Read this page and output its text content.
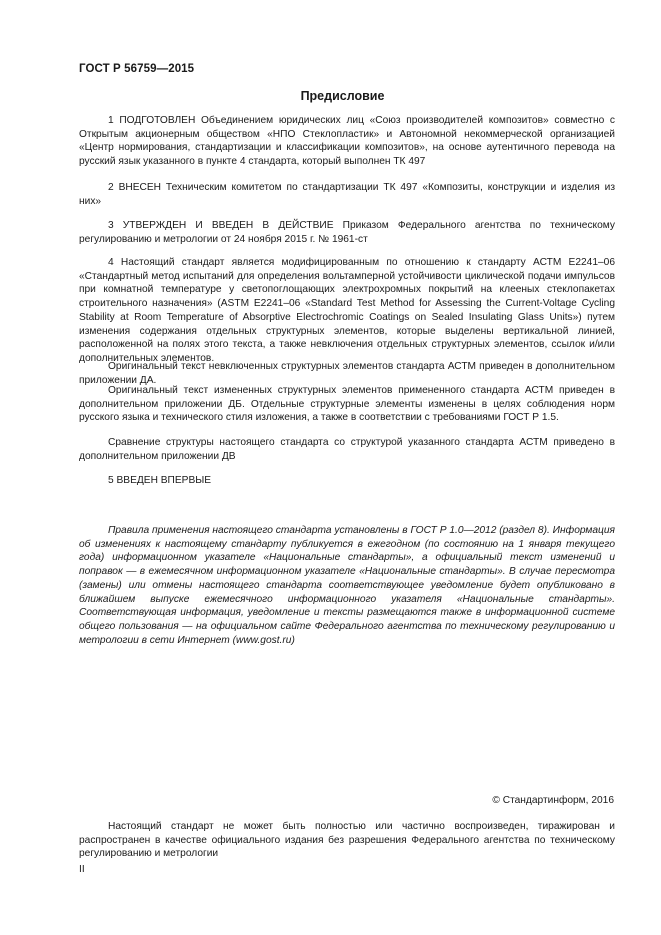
ГОСТ Р 56759—2015
Предисловие

1 ПОДГОТОВЛЕН Объединением юридических лиц «Союз производителей композитов» совместно с Открытым акционерным обществом «НПО Стеклопластик» и Автономной некоммерческой организацией «Центр нормирования, стандартизации и классификации композитов», на основе аутентичного перевода на русский язык указанного в пункте 4 стандарта, который выполнен ТК 497

2 ВНЕСЕН Техническим комитетом по стандартизации ТК 497 «Композиты, конструкции и изделия из них»

3 УТВЕРЖДЕН И ВВЕДЕН В ДЕЙСТВИЕ Приказом Федерального агентства по техническому регулированию и метрологии от 24 ноября 2015 г. № 1961-ст

4 Настоящий стандарт является модифицированным по отношению к стандарту АСТМ Е2241–06 «Стандартный метод испытаний для определения вольтамперной устойчивости циклической подачи импульсов при комнатной температуре у светопоглощающих электрохромных покрытий на клееных стеклопакетах строительного назначения» (ASTM E2241–06 «Standard Test Method for Assessing the Current-Voltage Cycling Stability at Room Temperature of Absorptive Electrochromic Coatings on Sealed Insulating Glass Units») путем изменения содержания отдельных структурных элементов, которые выделены вертикальной линией, расположенной на полях этого текста, а также невключения отдельных структурных элементов, ссылок и/или дополнительных элементов.

Оригинальный текст невключенных структурных элементов стандарта АСТМ приведен в дополнительном приложении ДА.

Оригинальный текст измененных структурных элементов примененного стандарта АСТМ приведен в дополнительном приложении ДБ. Отдельные структурные элементы изменены в целях соблюдения норм русского языка и технического стиля изложения, а также в соответствии с требованиями ГОСТ Р 1.5.

Сравнение структуры настоящего стандарта со структурой указанного стандарта АСТМ приведено в дополнительном приложении ДВ

5 ВВЕДЕН ВПЕРВЫЕ

Правила применения настоящего стандарта установлены в ГОСТ Р 1.0—2012 (раздел 8). Информация об изменениях к настоящему стандарту публикуется в ежегодном (по состоянию на 1 января текущего года) информационном указателе «Национальные стандарты», а официальный текст изменений и поправок — в ежемесячном информационном указателе «Национальные стандарты». В случае пересмотра (замены) или отмены настоящего стандарта соответствующее уведомление будет опубликовано в ближайшем выпуске ежемесячного информационного указателя «Национальные стандарты». Соответствующая информация, уведомление и тексты размещаются также в информационной системе общего пользования — на официальном сайте Федерального агентства по техническому регулированию и метрологии в сети Интернет (www.gost.ru)

© Стандартинформ, 2016

Настоящий стандарт не может быть полностью или частично воспроизведен, тиражирован и распространен в качестве официального издания без разрешения Федерального агентства по техническому регулированию и метрологии

II
